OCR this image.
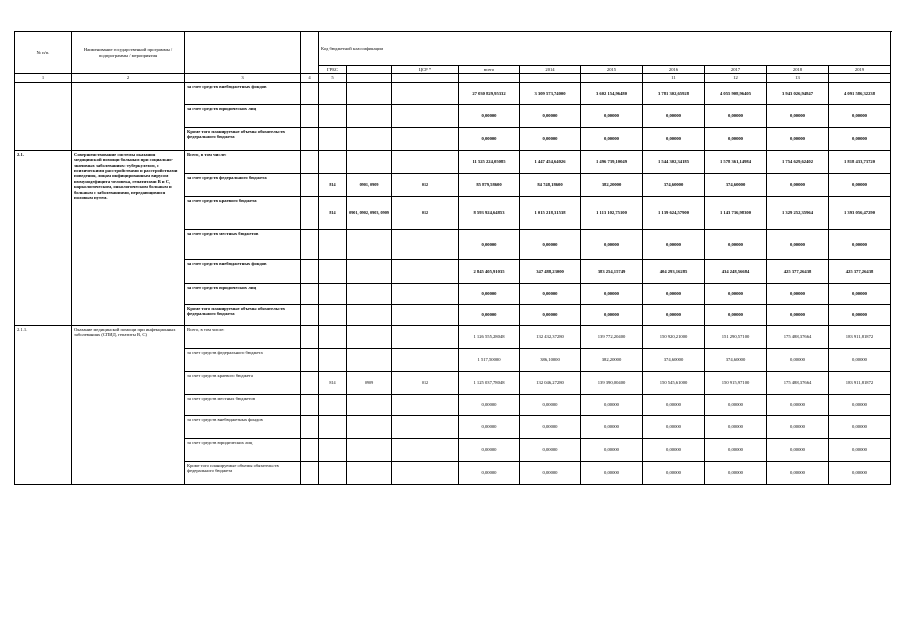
№ п/п.	Наименование государственной программы / подпрограммы / мероприятия			Код бюджетной классификации										
				ГРБС		ЦСР *	всего	2014	2015	2016	2017	2018	2019	
1	2	3	4	5						11	12	13		
		за счет средств внебюджетных фондов					27 030 829,95332	3 309 573,74000	3 602 154,96480	3 781 302,65928	4 055 908,96405	3 943 026,94847	4 091 586,32238	
		за счет средств юридических лиц					0,00000	0,00000	0,00000	0,00000	0,00000	0,00000	0,00000	
		Кроме того планируемые объемы обязательств федерального бюджета					0,00000	0,00000	0,00000	0,00000	0,00000	0,00000	0,00000	
2.1.	Совершенствование системы оказания медицинской помощи больным при социально-значимых заболеваниях: туберкулезом, с психическими расстройствами и расстройствами поведения, лицам инфицированным вирусом иммунодефицита человека, гепатитами В и С, наркологическим, онкологическим больным и больным с заболеваниями, передающимися половым путем.	Всего, в том числе:					11 525 224,05085	1 447 454,64026	1 496 739,10049	1 544 302,34185	1 578 361,14984	1 754 629,62402	1 818 433,73720	
		за счет средств федерального бюджета		814	0901, 0909	012	85 879,58600	84 748,18600	382,20000	374,60000	374,60000	0,00000	0,00000	
		за счет средств краевого бюджета		814	0901, 0902, 0903, 0909	012	8 593 924,64853	1 015 218,31538	1 113 102,75100	1 139 624,57900	1 143 736,98300	1 329 252,35964	1 393 056,47290	
		за счет средств местных бюджетов					0,00000	0,00000	0,00000	0,00000	0,00000	0,00000	0,00000	
		за счет средств внебюджетных фондов					2 845 405,91035	347 488,23000	383 254,15749	404 293,16285	434 248,56684	425 377,26438	425 377,26438	
		за счет средств юридических лиц					0,00000	0,00000	0,00000	0,00000	0,00000	0,00000	0,00000	
		Кроме того планируемые объемы обязательств федерального бюджета					0,00000	0,00000	0,00000	0,00000	0,00000	0,00000	0,00000	
2.1.1.	Оказание медицинской помощи при инфекционных заболеваниях (СПИД, гепатиты В, С)	Всего, в том числе:					1 126 555,28048	132 432,37280	139 772,20400	150 920,21000	151 290,57100	175 488,37664	183 911,81872	
		за счет средств федерального бюджета					1 517,50000	386,10000	382,20000	374,60000	374,60000	0,00000	0,00000	
		за счет средств краевого бюджета		814	0909	012	1 125 037,78048	132 046,27280	139 390,00400	150 545,61000	150 915,97100	175 488,37664	183 911,81872	
		за счет средств местных бюджетов					0,00000	0,00000	0,00000	0,00000	0,00000	0,00000	0,00000	
		за счет средств внебюджетных фондов					0,00000	0,00000	0,00000	0,00000	0,00000	0,00000	0,00000	
		за счет средств юридических лиц					0,00000	0,00000	0,00000	0,00000	0,00000	0,00000	0,00000	
		Кроме того планируемые объемы обязательств федерального бюджета					0,00000	0,00000	0,00000	0,00000	0,00000	0,00000	0,00000	
